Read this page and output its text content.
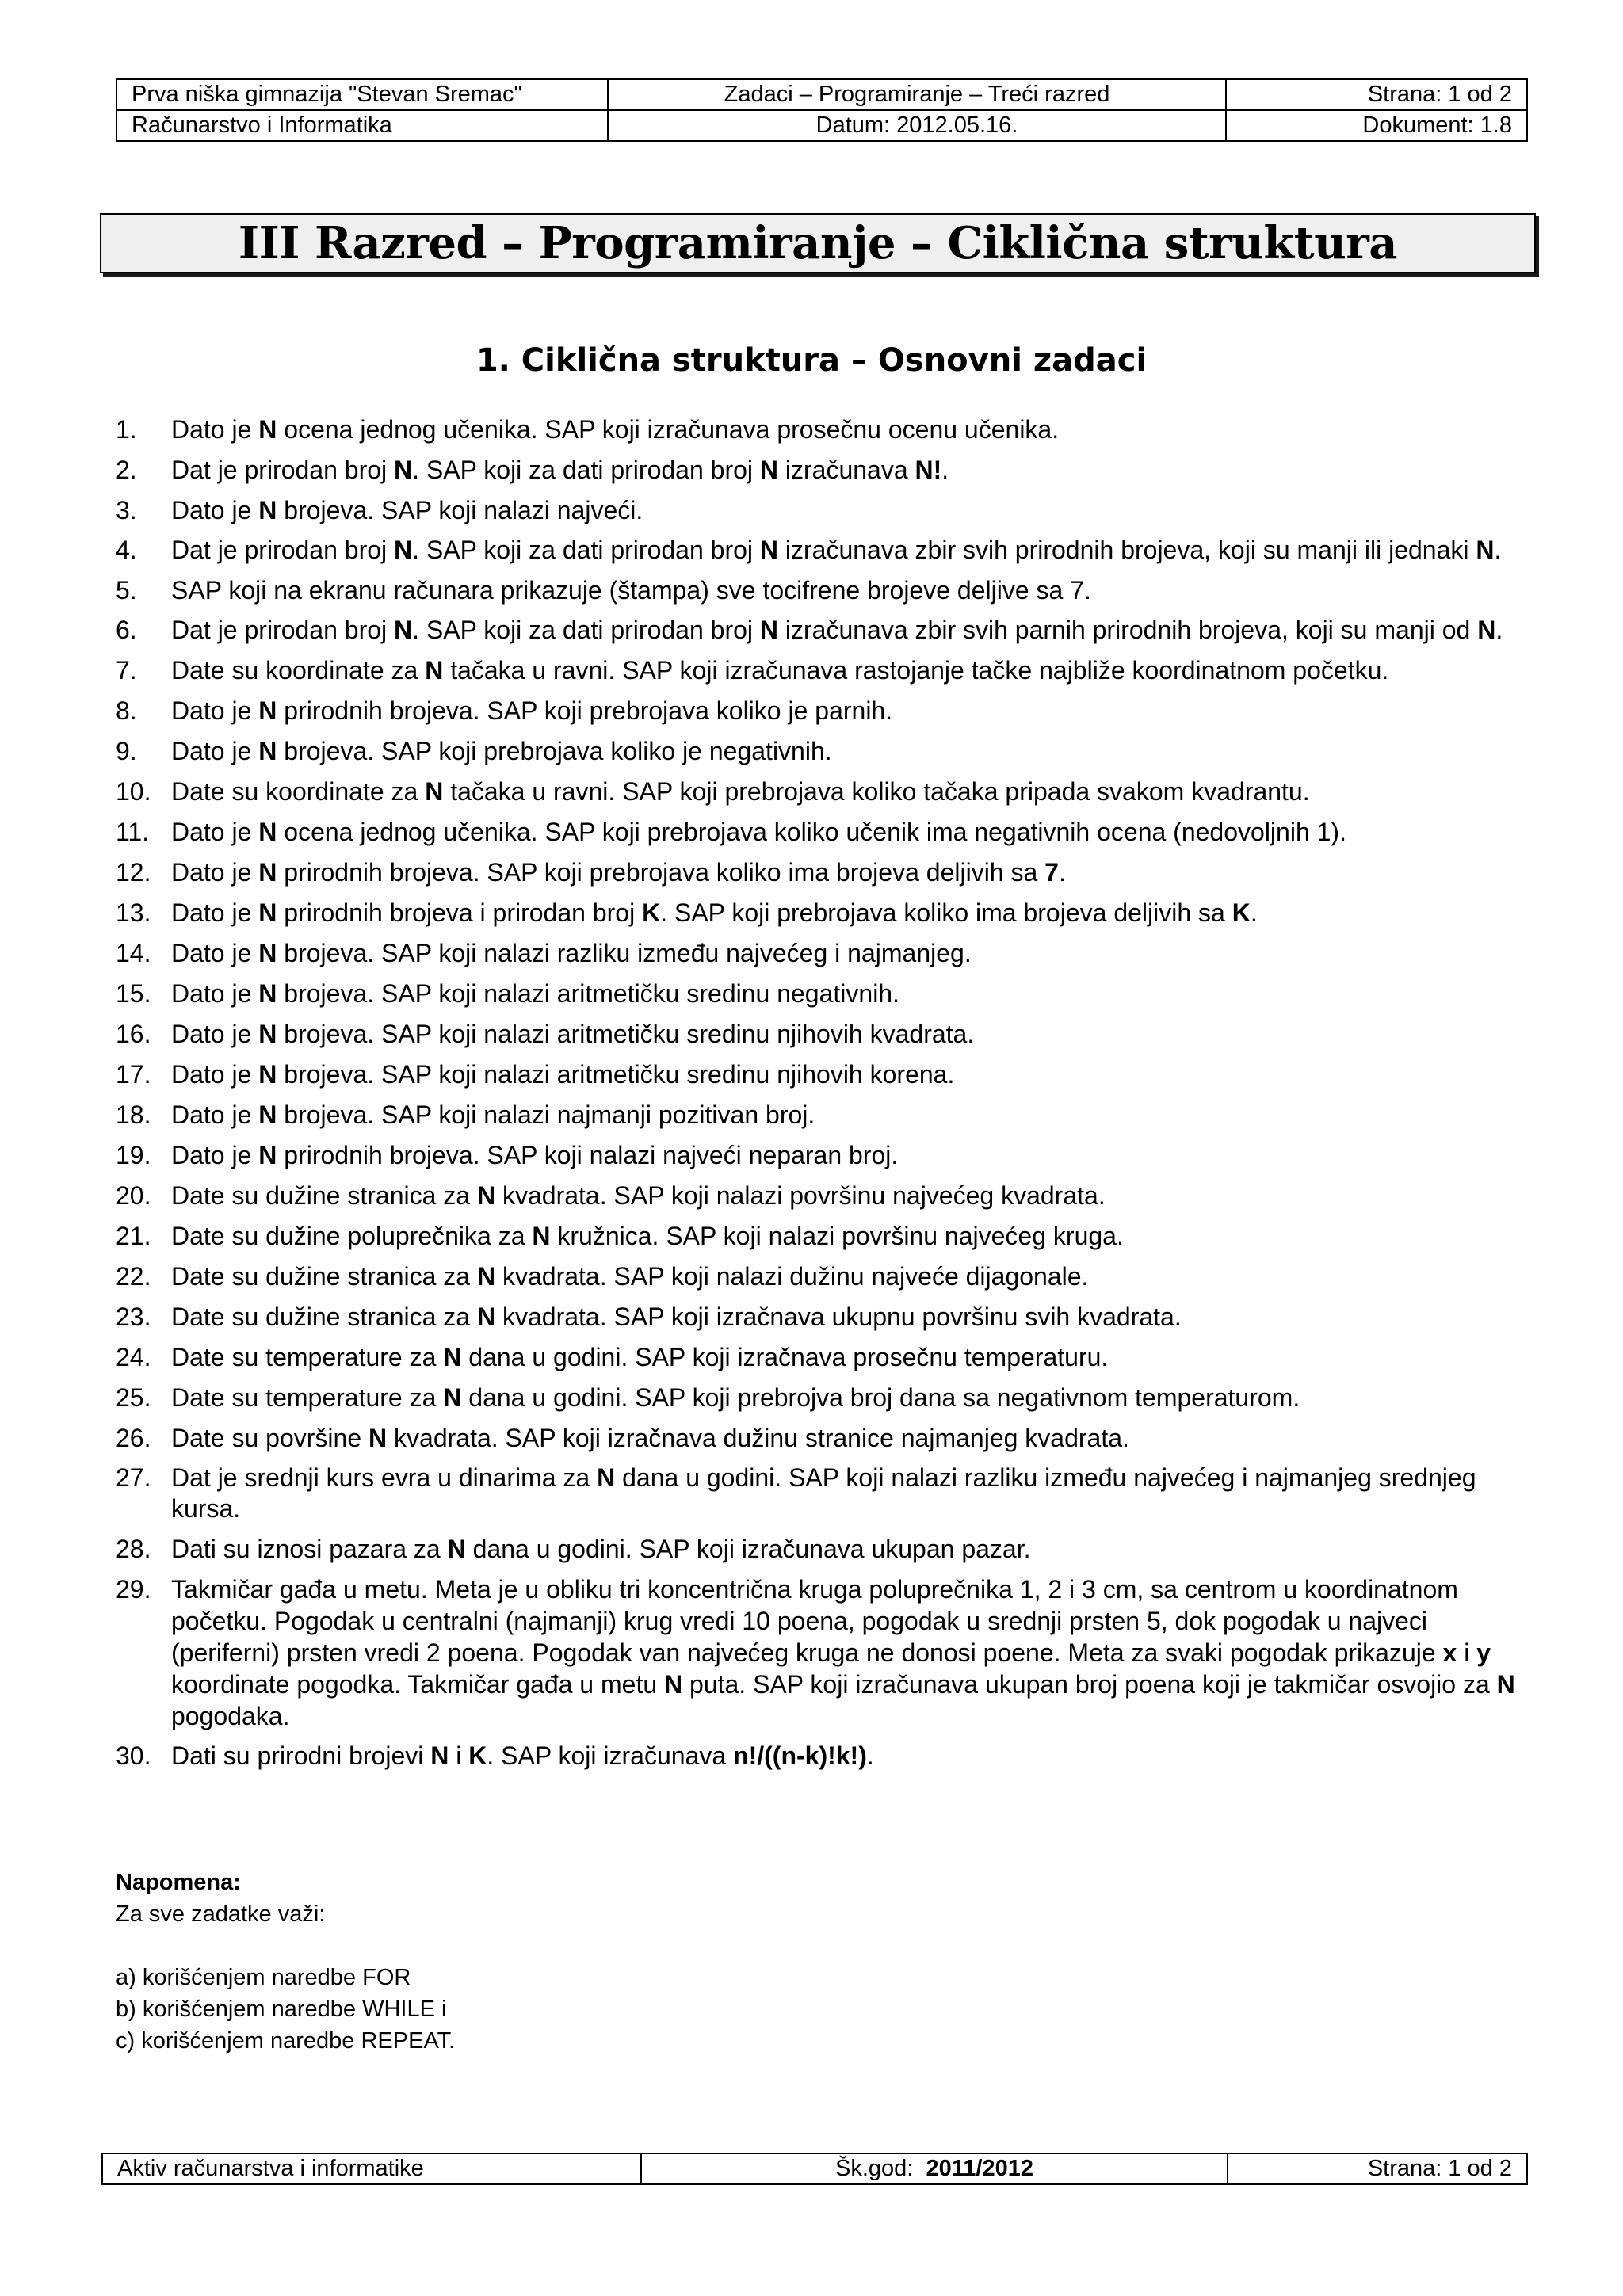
Prva niška gimnazija "Stevan Sremac"	Zadaci – Programiranje – Treći razred	Strana: 1 od 2
Računarstvo i Informatika	Datum: 2012.05.16.	Dokument: 1.8
III Razred – Programiranje – Ciklična struktura
1. Ciklična struktura – Osnovni zadaci
1. Dato je N ocena jednog učenika. SAP koji izračunava prosečnu ocenu učenika.
2. Dat je prirodan broj N. SAP koji za dati prirodan broj N izračunava N!.
3. Dato je N brojeva. SAP koji nalazi najveći.
4. Dat je prirodan broj N. SAP koji za dati prirodan broj N izračunava zbir svih prirodnih brojeva, koji su manji ili jednaki N.
5. SAP koji na ekranu računara prikazuje (štampa) sve tocifrene brojeve deljive sa 7.
6. Dat je prirodan broj N. SAP koji za dati prirodan broj N izračunava zbir svih parnih prirodnih brojeva, koji su manji od N.
7. Date su koordinate za N tačaka u ravni. SAP koji izračunava rastojanje tačke najbliže koordinatnom početku.
8. Dato je N prirodnih brojeva. SAP koji prebrojava koliko je parnih.
9. Dato je N brojeva. SAP koji prebrojava koliko je negativnih.
10. Date su koordinate za N tačaka u ravni. SAP koji prebrojava koliko tačaka pripada svakom kvadrantu.
11. Dato je N ocena jednog učenika. SAP koji prebrojava koliko učenik ima negativnih ocena (nedovoljnih 1).
12. Dato je N prirodnih brojeva. SAP koji prebrojava koliko ima brojeva deljivih sa 7.
13. Dato je N prirodnih brojeva i prirodan broj K. SAP koji prebrojava koliko ima brojeva deljivih sa K.
14. Dato je N brojeva. SAP koji nalazi razliku između najvećeg i najmanjeg.
15. Dato je N brojeva. SAP koji nalazi aritmetičku sredinu negativnih.
16. Dato je N brojeva. SAP koji nalazi aritmetičku sredinu njihovih kvadrata.
17. Dato je N brojeva. SAP koji nalazi aritmetičku sredinu njihovih korena.
18. Dato je N brojeva. SAP koji nalazi najmanji pozitivan broj.
19. Dato je N prirodnih brojeva. SAP koji nalazi najveći neparan broj.
20. Date su dužine stranica za N kvadrata. SAP koji nalazi površinu najvećeg kvadrata.
21. Date su dužine poluprečnika za N kružnica. SAP koji nalazi površinu najvećeg kruga.
22. Date su dužine stranica za N kvadrata. SAP koji nalazi dužinu najveće dijagonale.
23. Date su dužine stranica za N kvadrata. SAP koji izračnava ukupnu površinu svih kvadrata.
24. Date su temperature za N dana u godini. SAP koji izračnava prosečnu temperaturu.
25. Date su temperature za N dana u godini. SAP koji prebrojva broj dana sa negativnom temperaturom.
26. Date su površine N kvadrata. SAP koji izračnava dužinu stranice najmanjeg kvadrata.
27. Dat je srednji kurs evra u dinarima za N dana u godini. SAP koji nalazi razliku između najvećeg i najmanjeg srednjeg kursa.
28. Dati su iznosi pazara za N dana u godini. SAP koji izračunava ukupan pazar.
29. Takmičar gađa u metu. Meta je u obliku tri koncentrična kruga poluprečnika 1, 2 i 3 cm, sa centrom u koordinatnom početku. Pogodak u centralni (najmanji) krug vredi 10 poena, pogodak u srednji prsten 5, dok pogodak u najveci (periferni) prsten vredi 2 poena. Pogodak van najvećeg kruga ne donosi poene. Meta za svaki pogodak prikazuje x i y koordinate pogodka. Takmičar gađa u metu N puta. SAP koji izračunava ukupan broj poena koji je takmičar osvojio za N pogodaka.
30. Dati su prirodni brojevi N i K. SAP koji izračunava n!/((n-k)!k!).
Napomena:
Za sve zadatke važi:
a) korišćenjem naredbe FOR
b) korišćenjem naredbe WHILE i
c) korišćenjem naredbe REPEAT.
Aktiv računarstva i informatike	Šk.god: 2011/2012	Strana: 1 od 2
